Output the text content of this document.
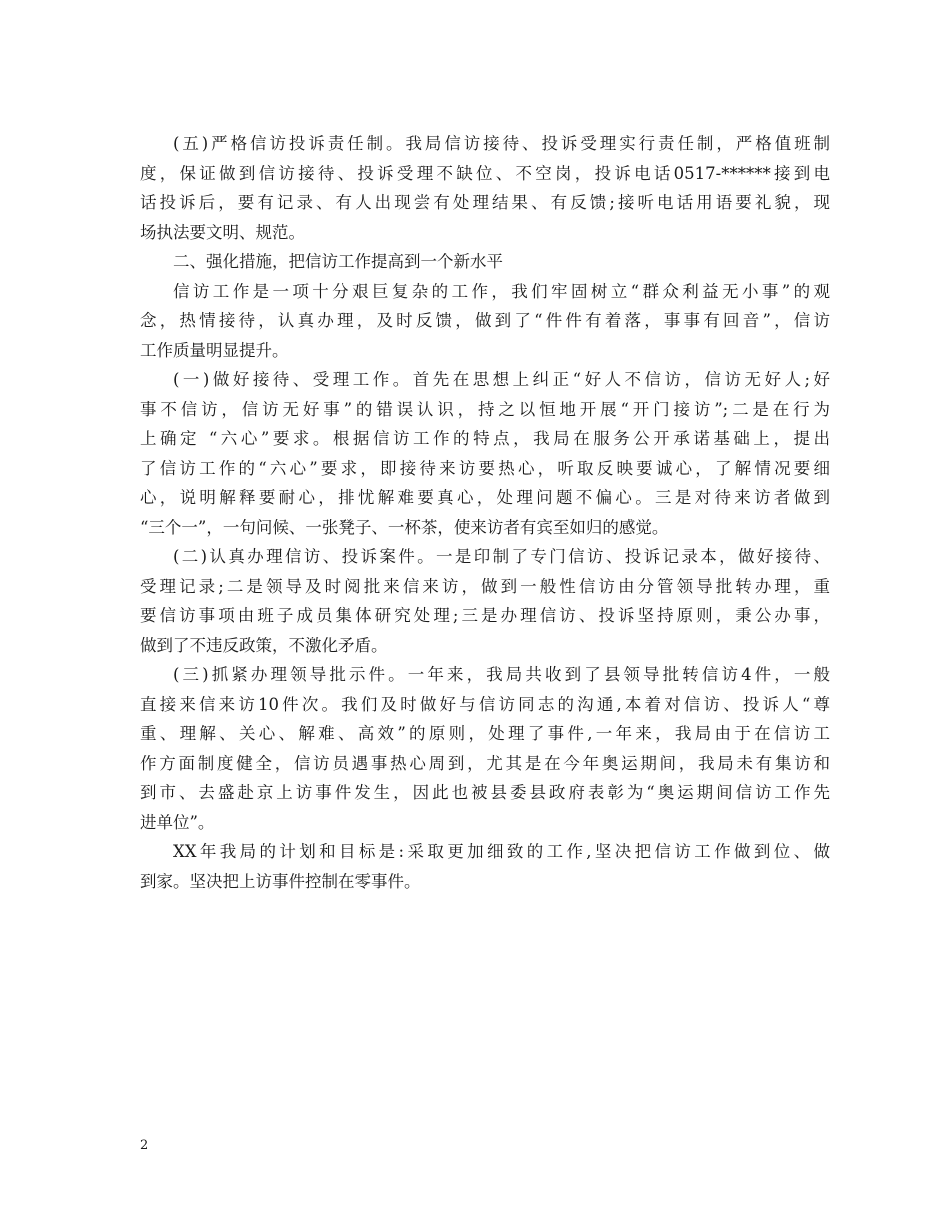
(五)严格信访投诉责任制。我局信访接待、投诉受理实行责任制，严格值班制
度，保证做到信访接待、投诉受理不缺位、不空岗，投诉电话0517-******接到电
话投诉后，要有记录、有人出现尝有处理结果、有反馈;接听电话用语要礼貌，现
场执法要文明、规范。

二、强化措施，把信访工作提高到一个新水平

信访工作是一项十分艰巨复杂的工作，我们牢固树立“群众利益无小事”的观
念，热情接待，认真办理，及时反馈，做到了“件件有着落，事事有回音”，信访
工作质量明显提升。

(一)做好接待、受理工作。首先在思想上纠正“好人不信访，信访无好人;好
事不信访，信访无好事”的错误认识，持之以恒地开展“开门接访”;二是在行为
上确定 “六心”要求。根据信访工作的特点，我局在服务公开承诺基础上，提出
了信访工作的“六心”要求，即接待来访要热心，听取反映要诚心，了解情况要细
心，说明解释要耐心，排忧解难要真心，处理问题不偏心。三是对待来访者做到
“三个一”，一句问候、一张凳子、一杯茶，使来访者有宾至如归的感觉。

(二)认真办理信访、投诉案件。一是印制了专门信访、投诉记录本，做好接待、
受理记录;二是领导及时阅批来信来访，做到一般性信访由分管领导批转办理，重
要信访事项由班子成员集体研究处理;三是办理信访、投诉坚持原则，秉公办事，
做到了不违反政策，不激化矛盾。

(三)抓紧办理领导批示件。一年来，我局共收到了县领导批转信访4件，一般
直接来信来访10件次。我们及时做好与信访同志的沟通,本着对信访、投诉人“尊
重、理解、关心、解难、高效”的原则，处理了事件,一年来，我局由于在信访工
作方面制度健全，信访员遇事热心周到，尤其是在今年奥运期间，我局未有集访和
到市、去盛赴京上访事件发生，因此也被县委县政府表彰为“奥运期间信访工作先
进单位”。

XX年我局的计划和目标是:采取更加细致的工作,坚决把信访工作做到位、做
到家。坚决把上访事件控制在零事件。

2
